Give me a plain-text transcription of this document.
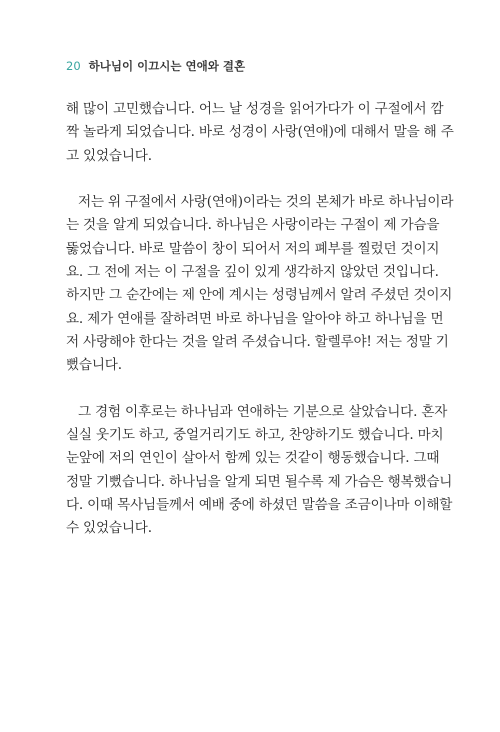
20 하나님이 이끄시는 연애와 결혼
해 많이 고민했습니다. 어느 날 성경을 읽어가다가 이 구절에서 깜
짝 놀라게 되었습니다. 바로 성경이 사랑(연애)에 대해서 말을 해 주
고 있었습니다.
저는 위 구절에서 사랑(연애)이라는 것의 본체가 바로 하나님이라
는 것을 알게 되었습니다. 하나님은 사랑이라는 구절이 제 가슴을
뚫었습니다. 바로 말씀이 창이 되어서 저의 폐부를 찔렀던 것이지
요. 그 전에 저는 이 구절을 깊이 있게 생각하지 않았던 것입니다.
하지만 그 순간에는 제 안에 계시는 성령님께서 알려 주셨던 것이지
요. 제가 연애를 잘하려면 바로 하나님을 알아야 하고 하나님을 먼
저 사랑해야 한다는 것을 알려 주셨습니다. 할렐루야! 저는 정말 기
뻤습니다.
그 경험 이후로는 하나님과 연애하는 기분으로 살았습니다. 혼자
실실 웃기도 하고, 중얼거리기도 하고, 찬양하기도 했습니다. 마치
눈앞에 저의 연인이 살아서 함께 있는 것같이 행동했습니다. 그때
정말 기뻤습니다. 하나님을 알게 되면 될수록 제 가슴은 행복했습니
다. 이때 목사님들께서 예배 중에 하셨던 말씀을 조금이나마 이해할
수 있었습니다.
